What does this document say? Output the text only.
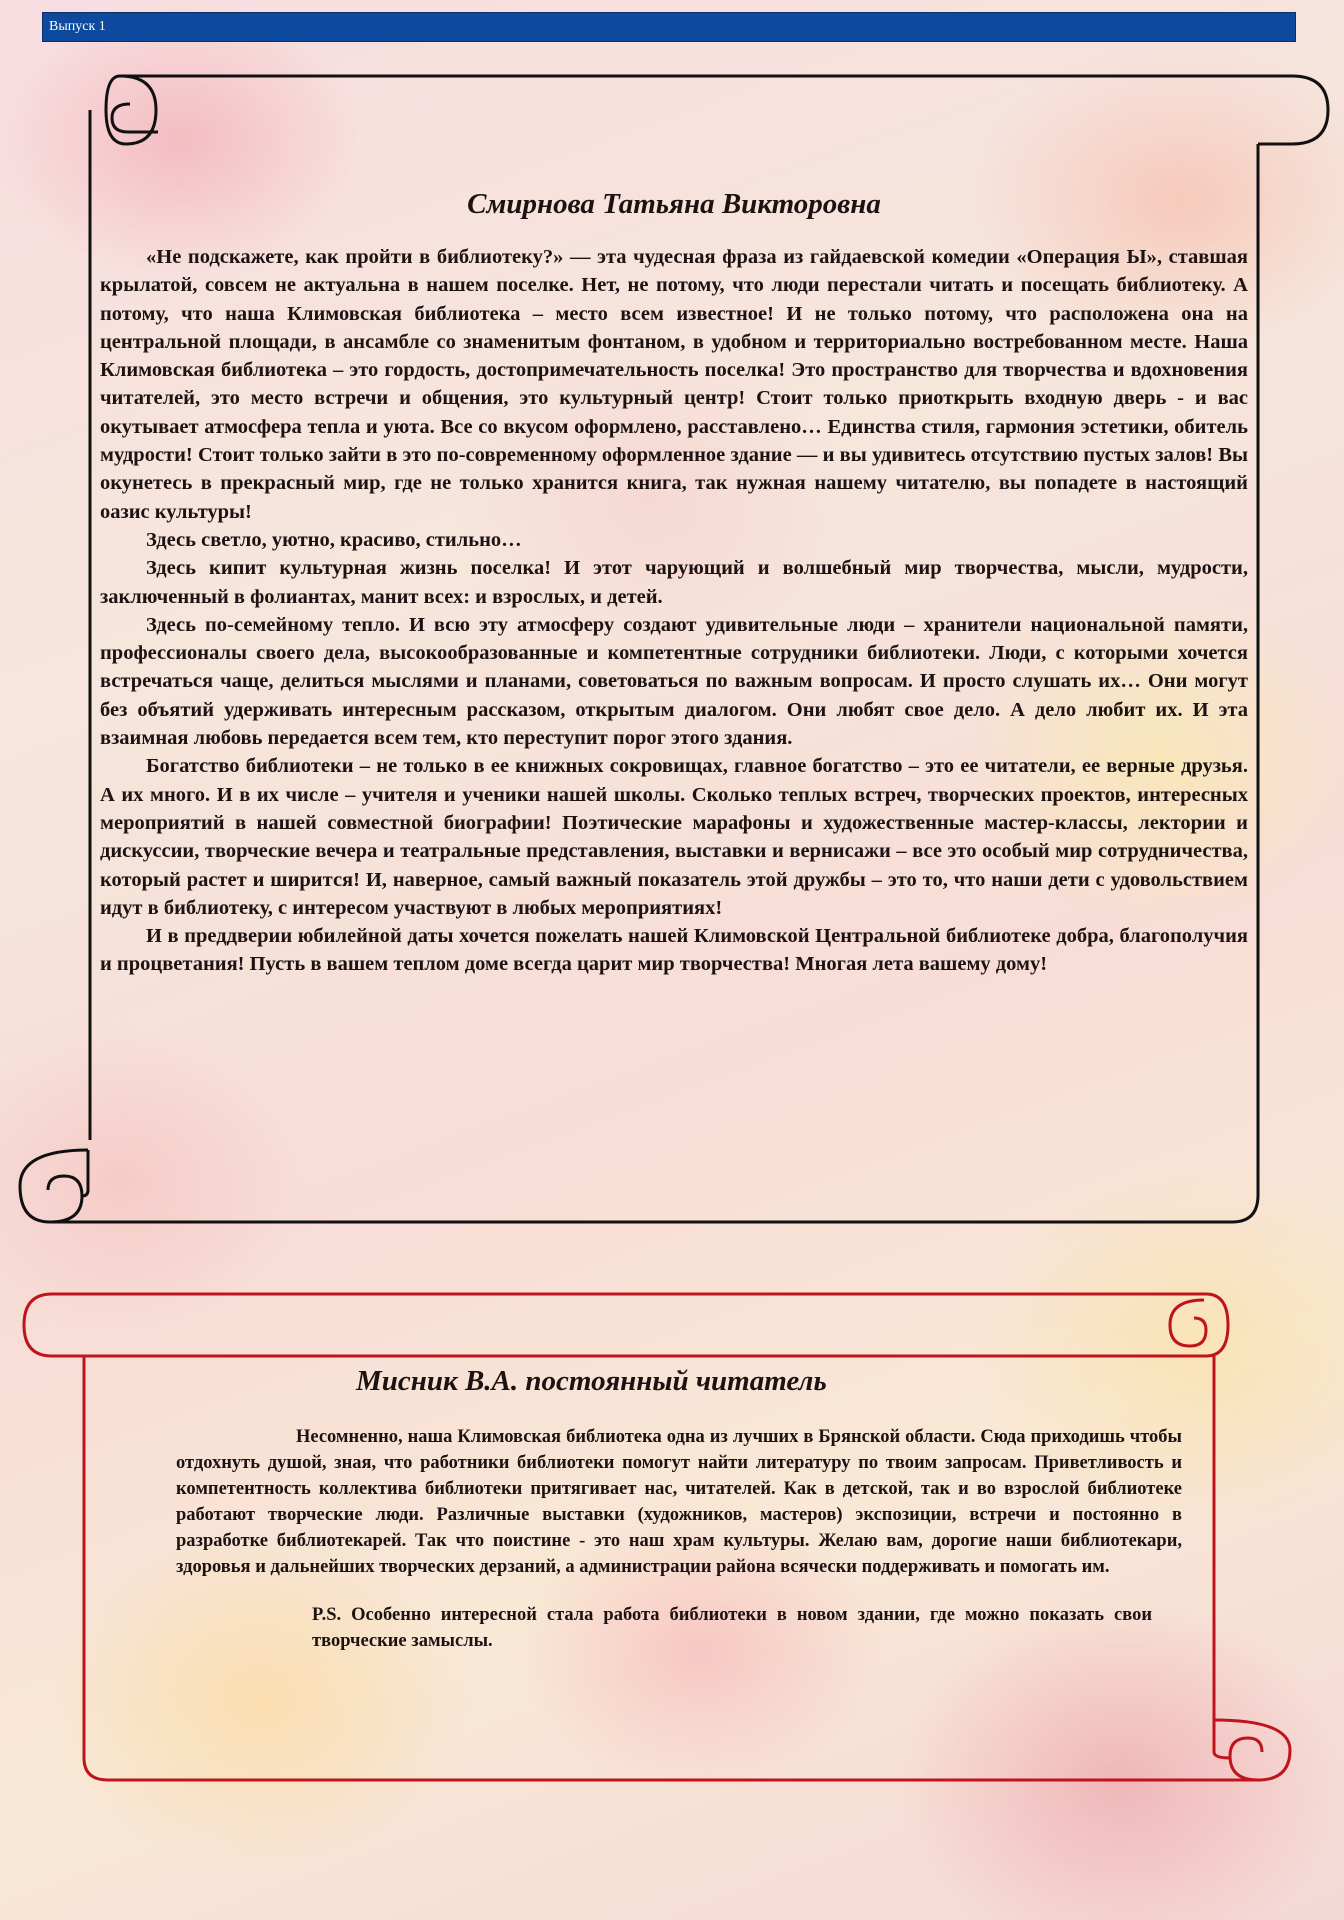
Выпуск 1
Смирнова Татьяна Викторовна

«Не подскажете, как пройти в библиотеку?» — эта чудесная фраза из гайдаевской комедии «Операция Ы», ставшая крылатой, совсем не актуальна в нашем поселке. Нет, не потому, что люди перестали читать и посещать библиотеку. А потому, что наша Климовская библиотека – место всем известное! И не только потому, что расположена она на центральной площади, в ансамбле со знаменитым фонтаном, в удобном и территориально востребованном месте. Наша Климовская библиотека – это гордость, достопримечательность поселка! Это пространство для творчества и вдохновения читателей, это место встречи и общения, это культурный центр! Стоит только приоткрыть входную дверь - и вас окутывает атмосфера тепла и уюта. Все со вкусом оформлено, расставлено… Единства стиля, гармония эстетики, обитель мудрости! Стоит только зайти в это по-современному оформленное здание — и вы удивитесь отсутствию пустых залов! Вы окунетесь в прекрасный мир, где не только хранится книга, так нужная нашему читателю, вы попадете в настоящий оазис культуры!

Здесь светло, уютно, красиво, стильно…

Здесь кипит культурная жизнь поселка! И этот чарующий и волшебный мир творчества, мысли, мудрости, заключенный в фолиантах, манит всех: и взрослых, и детей.

Здесь по-семейному тепло. И всю эту атмосферу создают удивительные люди – хранители национальной памяти, профессионалы своего дела, высокообразованные и компетентные сотрудники библиотеки. Люди, с которыми хочется встречаться чаще, делиться мыслями и планами, советоваться по важным вопросам. И просто слушать их… Они могут без объятий удерживать интересным рассказом, открытым диалогом. Они любят свое дело. А дело любит их. И эта взаимная любовь передается всем тем, кто переступит порог этого здания.

Богатство библиотеки – не только в ее книжных сокровищах, главное богатство – это ее читатели, ее верные друзья. А их много. И в их числе – учителя и ученики нашей школы. Сколько теплых встреч, творческих проектов, интересных мероприятий в нашей совместной биографии! Поэтические марафоны и художественные мастер-классы, лектории и дискуссии, творческие вечера и театральные представления, выставки и вернисажи – все это особый мир сотрудничества, который растет и ширится! И, наверное, самый важный показатель этой дружбы – это то, что наши дети с удовольствием идут в библиотеку, с интересом участвуют в любых мероприятиях!

И в преддверии юбилейной даты хочется пожелать нашей Климовской Центральной библиотеке добра, благополучия и процветания! Пусть в вашем теплом доме всегда царит мир творчества! Многая лета вашему дому!

Мисник В.А. постоянный читатель

Несомненно, наша Климовская библиотека одна из лучших в Брянской области. Сюда приходишь чтобы отдохнуть душой, зная, что работники библиотеки помогут найти литературу по твоим запросам. Приветливость и компетентность коллектива библиотеки притягивает нас, читателей. Как в детской, так и во взрослой библиотеке работают творческие люди. Различные выставки (художников, мастеров) экспозиции, встречи и постоянно в разработке библиотекарей. Так что поистине - это наш храм культуры. Желаю вам, дорогие наши библиотекари, здоровья и дальнейших творческих дерзаний, а администрации района всячески поддерживать и помогать им.

P.S. Особенно интересной стала работа библиотеки в новом здании, где можно показать свои творческие замыслы.
